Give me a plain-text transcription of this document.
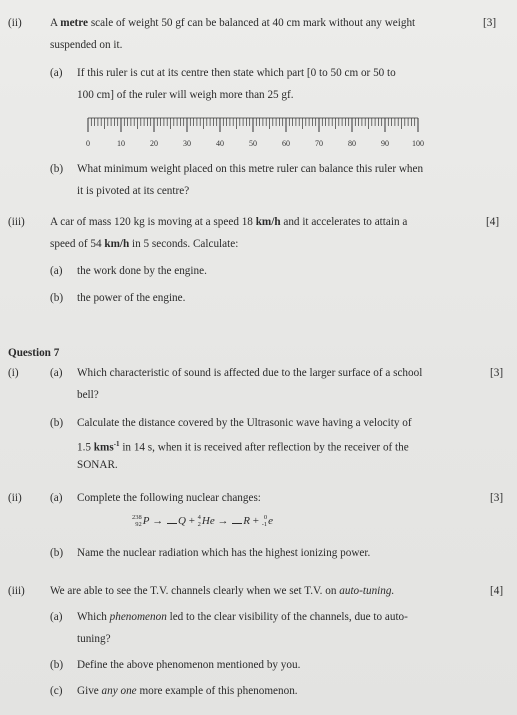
(ii)	A metre scale of weight 50 gf can be balanced at 40 cm mark without any weight	[3]
suspended on it.
(a) If this ruler is cut at its centre then state which part [0 to 50 cm or 50 to
100 cm] of the ruler will weigh more than 25 gf.
0	10	20	30	40	50	60	70	80	90	100
(b) What minimum weight placed on this metre ruler can balance this ruler when
it is pivoted at its centre?
(iii) A car of mass 120 kg is moving at a speed 18 km/h and it accelerates to attain a	[4]
speed of 54 km/h in 5 seconds. Calculate:
(a) the work done by the engine.
(b) the power of the engine.
Question 7
(i)	(a) Which characteristic of sound is affected due to the larger surface of a school	[3]
bell?
(b) Calculate the distance covered by the Ultrasonic wave having a velocity of
1.5 kms$^{-1}$ in 14 s, when it is received after reflection by the receiver of the
SONAR.
(ii)	(a) Complete the following nuclear changes:	[3]
238
92P → Q + 4
2He → R + 0
-1e
(b) Name the nuclear radiation which has the highest ionizing power.
(iii) We are able to see the T.V. channels clearly when we set T.V. on auto-tuning.	[4]
(a) Which phenomenon led to the clear visibility of the channels, due to auto-
tuning?
(b) Define the above phenomenon mentioned by you.
(c) Give any one more example of this phenomenon.
